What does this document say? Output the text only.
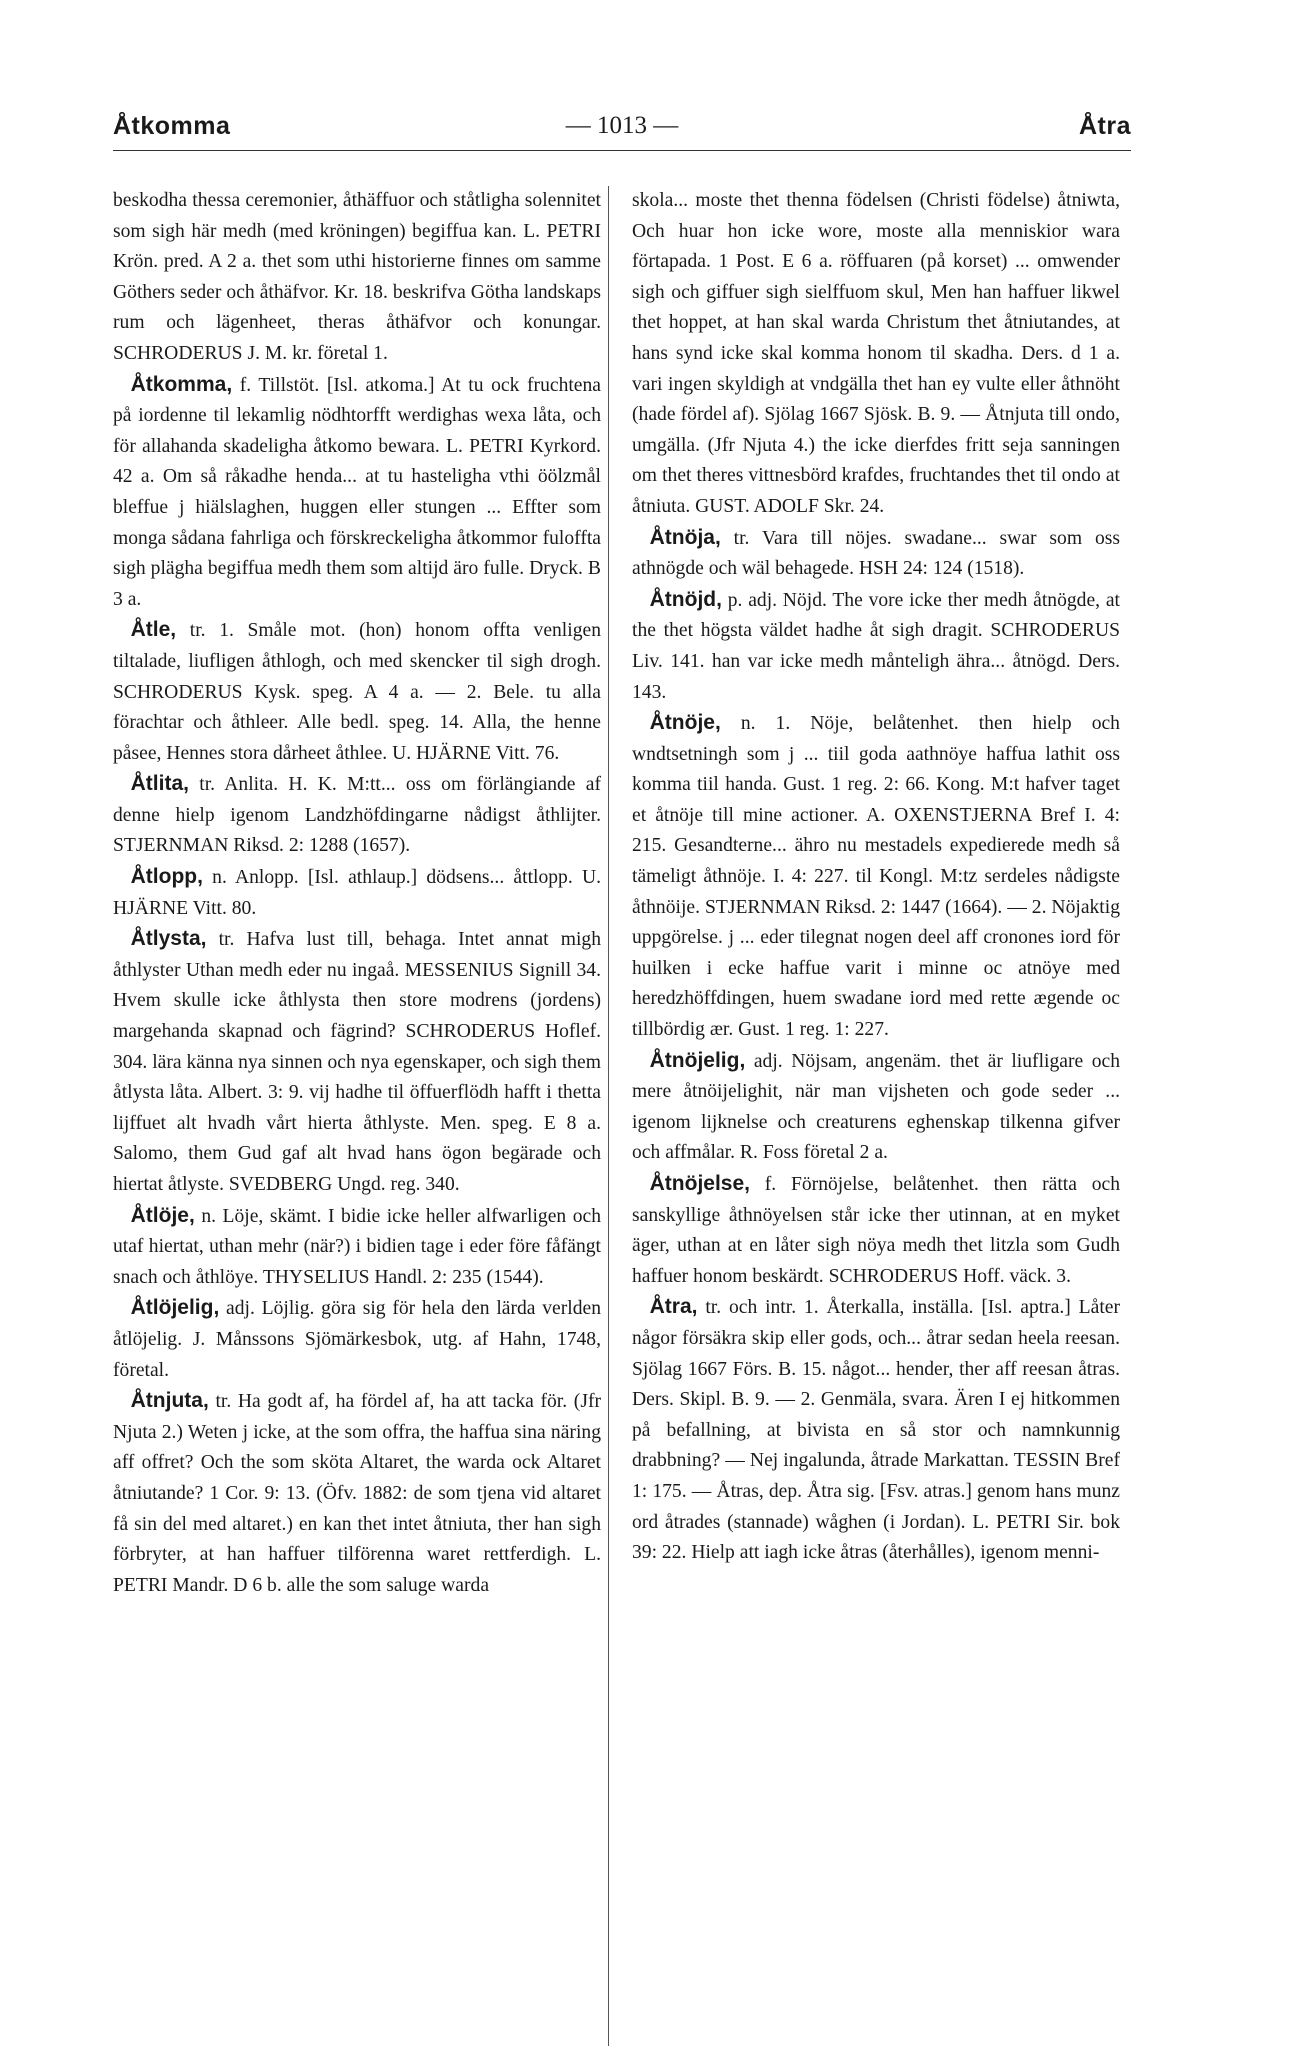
Åtkomma	— 1013 —	Åtra

beskodha thessa ceremonier, åthäffuor och ståtligha solennitet som sigh här medh (med kröningen) begiffua kan. L. PETRI Krön. pred. A 2 a. thet som uthi historierne finnes om samme Göthers seder och åthäfvor. Kr. 18. beskrifva Götha landskaps rum och lägenheet, theras åthäfvor och konungar. SCHRODERUS J. M. kr. företal 1.

Åtkomma, f. Tillstöt. [Isl. atkoma.] At tu ock fruchtena på iordenne til lekamlig nödhtorfft werdighas wexa låta, och för allahanda skadeligha åtkomo bewara. L. PETRI Kyrkord. 42 a. Om så råkadhe henda... at tu hasteligha vthi öölzmål bleffue j hiälslaghen, huggen eller stungen ... Effter som monga sådana fahrliga och förskreckeligha åtkommor fuloffta sigh plägha begiffua medh them som altijd äro fulle. Dryck. B 3 a.

Åtle, tr. 1. Småle mot. (hon) honom offta venligen tiltalade, liufligen åthlogh, och med skencker til sigh drogh. SCHRODERUS Kysk. speg. A 4 a. — 2. Bele. tu alla förachtar och åthleer. Alle bedl. speg. 14. Alla, the henne påsee, Hennes stora dårheet åthlee. U. HJÄRNE Vitt. 76.

Åtlita, tr. Anlita. H. K. M:tt... oss om förlängiande af denne hielp igenom Landzhöfdingarne nådigst åthlijter. STJERNMAN Riksd. 2: 1288 (1657).

Åtlopp, n. Anlopp. [Isl. athlaup.] dödsens... åttlopp. U. HJÄRNE Vitt. 80.

Åtlysta, tr. Hafva lust till, behaga. Intet annat migh åthlyster Uthan medh eder nu ingaå. MESSENIUS Signill 34. Hvem skulle icke åthlysta then store modrens (jordens) margehanda skapnad och fägrind? SCHRODERUS Hoflef. 304. lära känna nya sinnen och nya egenskaper, och sigh them åtlysta låta. Albert. 3: 9. vij hadhe til öffuerflödh hafft i thetta lijffuet alt hvadh vårt hierta åthlyste. Men. speg. E 8 a. Salomo, them Gud gaf alt hvad hans ögon begärade och hiertat åtlyste. SVEDBERG Ungd. reg. 340.

Åtlöje, n. Löje, skämt. I bidie icke heller alfwarligen och utaf hiertat, uthan mehr (när?) i bidien tage i eder före fåfängt snach och åthlöye. THYSELIUS Handl. 2: 235 (1544).

Åtlöjelig, adj. Löjlig. göra sig för hela den lärda verlden åtlöjelig. J. Månssons Sjömärkesbok, utg. af Hahn, 1748, företal.

Åtnjuta, tr. Ha godt af, ha fördel af, ha att tacka för. (Jfr Njuta 2.) Weten j icke, at the som offra, the haffua sina näring aff offret? Och the som sköta Altaret, the warda ock Altaret åtniutande? 1 Cor. 9: 13. (Öfv. 1882: de som tjena vid altaret få sin del med altaret.) en kan thet intet åtniuta, ther han sigh förbryter, at han haffuer tilförenna waret rettferdigh. L. PETRI Mandr. D 6 b. alle the som saluge warda

skola... moste thet thenna födelsen (Christi födelse) åtniwta, Och huar hon icke wore, moste alla menniskior wara förtapada. 1 Post. E 6 a. röffuaren (på korset) ... omwender sigh och giffuer sigh sielffuom skul, Men han haffuer likwel thet hoppet, at han skal warda Christum thet åtniutandes, at hans synd icke skal komma honom til skadha. Ders. d 1 a. vari ingen skyldigh at vndgälla thet han ey vulte eller åthnöht (hade fördel af). Sjölag 1667 Sjösk. B. 9. — Åtnjuta till ondo, umgälla. (Jfr Njuta 4.) the icke dierfdes fritt seja sanningen om thet theres vittnesbörd krafdes, fruchtandes thet til ondo at åtniuta. GUST. ADOLF Skr. 24.

Åtnöja, tr. Vara till nöjes. swadane... swar som oss athnögde och wäl behagede. HSH 24: 124 (1518).

Åtnöjd, p. adj. Nöjd. The vore icke ther medh åtnögde, at the thet högsta väldet hadhe åt sigh dragit. SCHRODERUS Liv. 141. han var icke medh månteligh ähra... åtnögd. Ders. 143.

Åtnöje, n. 1. Nöje, belåtenhet. then hielp och wndtsetningh som j ... tiil goda aathnöye haffua lathit oss komma tiil handa. Gust. 1 reg. 2: 66. Kong. M:t hafver taget et åtnöje till mine actioner. A. OXENSTJERNA Bref I. 4: 215. Gesandterne... ähro nu mestadels expedierede medh så tämeligt åthnöje. I. 4: 227. til Kongl. M:tz serdeles nådigste åthnöije. STJERNMAN Riksd. 2: 1447 (1664). — 2. Nöjaktig uppgörelse. j ... eder tilegnat nogen deel aff cronones iord för huilken i ecke haffue varit i minne oc atnöye med heredzhöffdingen, huem swadane iord med rette ægende oc tillbördig ær. Gust. 1 reg. 1: 227.

Åtnöjelig, adj. Nöjsam, angenäm. thet är liufligare och mere åtnöijelighit, när man vijsheten och gode seder ... igenom lijknelse och creaturens eghenskap tilkenna gifver och affmålar. R. Foss företal 2 a.

Åtnöjelse, f. Förnöjelse, belåtenhet. then rätta och sanskyllige åthnöyelsen står icke ther utinnan, at en myket äger, uthan at en låter sigh nöya medh thet litzla som Gudh haffuer honom beskärdt. SCHRODERUS Hoff. väck. 3.

Åtra, tr. och intr. 1. Återkalla, inställa. [Isl. aptra.] Låter någor försäkra skip eller gods, och... åtrar sedan heela reesan. Sjölag 1667 Förs. B. 15. något... hender, ther aff reesan åtras. Ders. Skipl. B. 9. — 2. Genmäla, svara. Ären I ej hitkommen på befallning, at bivista en så stor och namnkunnig drabbning? — Nej ingalunda, åtrade Markattan. TESSIN Bref 1: 175. — Åtras, dep. Åtra sig. [Fsv. atras.] genom hans munz ord åtrades (stannade) wåghen (i Jordan). L. PETRI Sir. bok 39: 22. Hielp att iagh icke åtras (återhålles), igenom menni-
